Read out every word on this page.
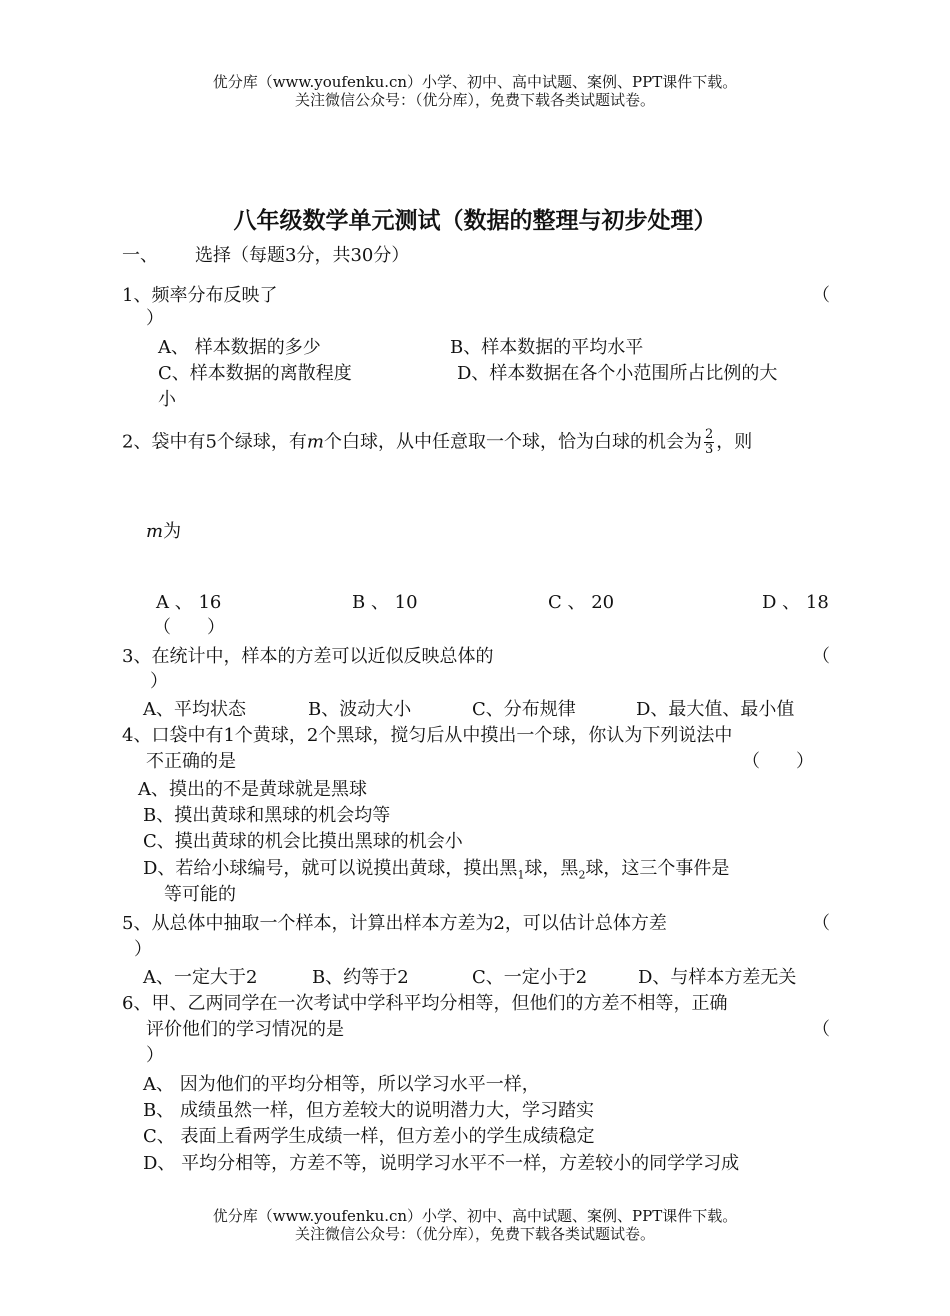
优分库（www.youfenku.cn）小学、初中、高中试题、案例、PPT课件下载。
关注微信公众号：（优分库），免费下载各类试题试卷。
八年级数学单元测试（数据的整理与初步处理）
一、 选择（每题3分，共30分）
1、频率分布反映了	（
）
A、 样本数据的多少	B、样本数据的平均水平
C、样本数据的离散程度	D、样本数据在各个小范围所占比例的大
小
2、袋中有5个绿球，有m个白球，从中任意取一个球，恰为白球的机会为 $\frac{2}{3}$ ，则
m为
A 、 16	B 、 10	C 、 20	D 、 18
（　　）
3、在统计中，样本的方差可以近似反映总体的	（
）
A、平均状态	B、波动大小	C、分布规律	D、最大值、最小值
4、口袋中有1个黄球，2个黑球，搅匀后从中摸出一个球，你认为下列说法中
不正确的是	（　　）
A、摸出的不是黄球就是黑球
B、摸出黄球和黑球的机会均等
C、摸出黄球的机会比摸出黑球的机会小
D、若给小球编号，就可以说摸出黄球，摸出黑$_1$球，黑$_2$球，这三个事件是
等可能的
5、从总体中抽取一个样本，计算出样本方差为2，可以估计总体方差	（
）
A、一定大于2	B、约等于2	C、一定小于2	D、与样本方差无关
6、甲、乙两同学在一次考试中学科平均分相等，但他们的方差不相等，正确
评价他们的学习情况的是	（
）
A、 因为他们的平均分相等，所以学习水平一样，
B、 成绩虽然一样，但方差较大的说明潜力大，学习踏实
C、 表面上看两学生成绩一样，但方差小的学生成绩稳定
D、 平均分相等，方差不等，说明学习水平不一样，方差较小的同学学习成
优分库（www.youfenku.cn）小学、初中、高中试题、案例、PPT课件下载。
关注微信公众号：（优分库），免费下载各类试题试卷。
